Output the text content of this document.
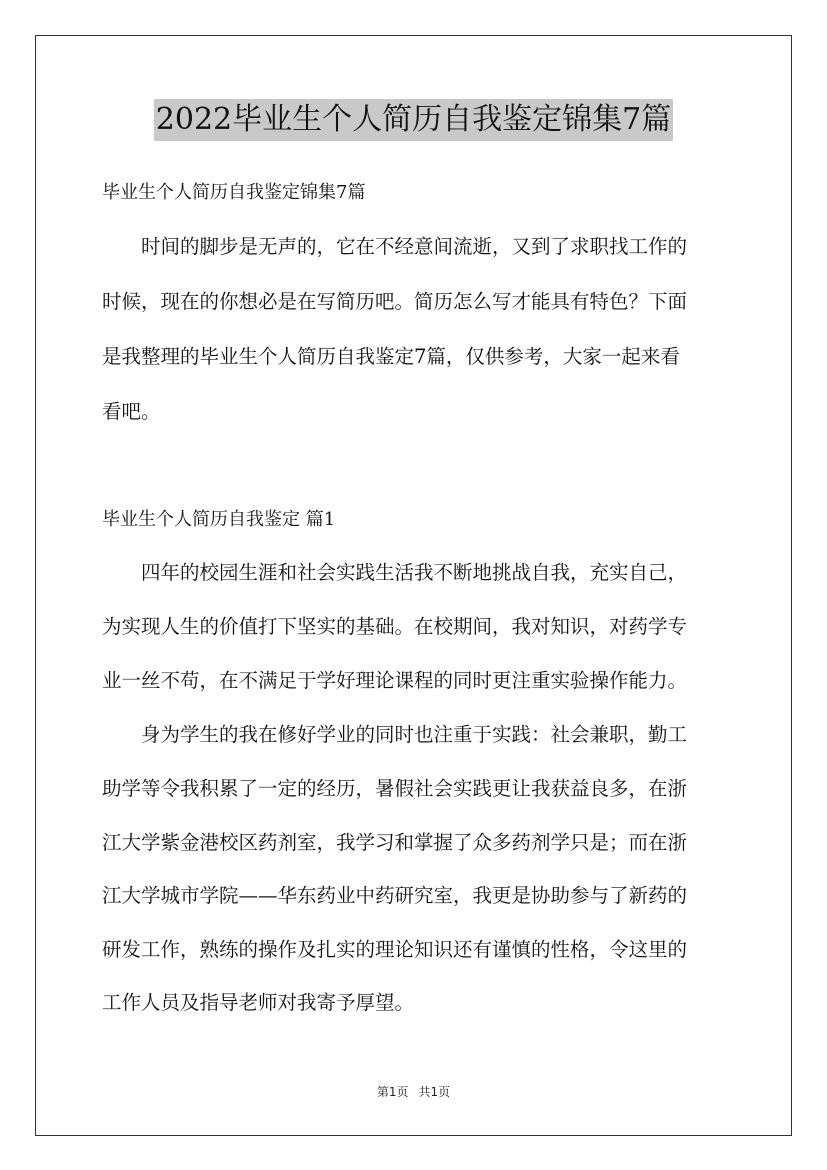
2022毕业生个人简历自我鉴定锦集7篇

毕业生个人简历自我鉴定锦集7篇

　　时间的脚步是无声的，它在不经意间流逝，又到了求职找工作的

时候，现在的你想必是在写简历吧。简历怎么写才能具有特色？下面

是我整理的毕业生个人简历自我鉴定7篇，仅供参考，大家一起来看

看吧。

毕业生个人简历自我鉴定 篇1

　　四年的校园生涯和社会实践生活我不断地挑战自我，充实自己，

为实现人生的价值打下坚实的基础。在校期间，我对知识，对药学专

业一丝不苟，在不满足于学好理论课程的同时更注重实验操作能力。

　　身为学生的我在修好学业的同时也注重于实践：社会兼职，勤工

助学等令我积累了一定的经历，暑假社会实践更让我获益良多，在浙

江大学紫金港校区药剂室，我学习和掌握了众多药剂学只是；而在浙

江大学城市学院——华东药业中药研究室，我更是协助参与了新药的

研发工作，熟练的操作及扎实的理论知识还有谨慎的性格，令这里的

工作人员及指导老师对我寄予厚望。

第1页 共1页
